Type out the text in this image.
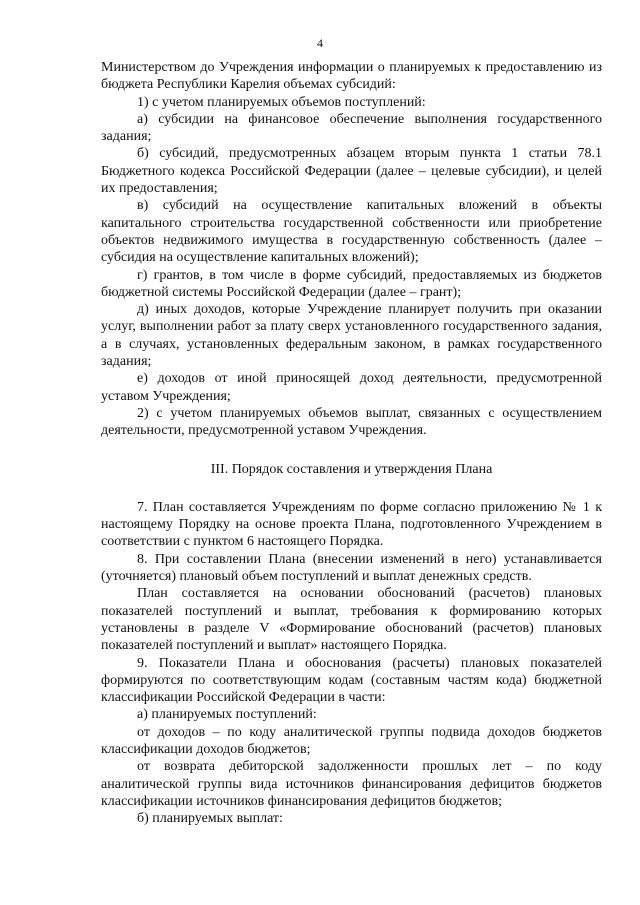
4

Министерством до Учреждения информации о планируемых к предоставлению из бюджета Республики Карелия объемах субсидий:

1) с учетом планируемых объемов поступлений:

а) субсидии на финансовое обеспечение выполнения государственного задания;

б) субсидий, предусмотренных абзацем вторым пункта 1 статьи 78.1 Бюджетного кодекса Российской Федерации (далее – целевые субсидии), и целей их предоставления;

в) субсидий на осуществление капитальных вложений в объекты капитального строительства государственной собственности или приобретение объектов недвижимого имущества в государственную собственность (далее – субсидия на осуществление капитальных вложений);

г) грантов, в том числе в форме субсидий, предоставляемых из бюджетов бюджетной системы Российской Федерации (далее – грант);

д) иных доходов, которые Учреждение планирует получить при оказании услуг, выполнении работ за плату сверх установленного государственного задания, а в случаях, установленных федеральным законом, в рамках государственного задания;

е) доходов от иной приносящей доход деятельности, предусмотренной уставом Учреждения;

2) с учетом планируемых объемов выплат, связанных с осуществлением деятельности, предусмотренной уставом Учреждения.

III. Порядок составления и утверждения Плана

7. План составляется Учреждениям по форме согласно приложению № 1 к настоящему Порядку на основе проекта Плана, подготовленного Учреждением в соответствии с пунктом 6 настоящего Порядка.

8. При составлении Плана (внесении изменений в него) устанавливается (уточняется) плановый объем поступлений и выплат денежных средств.

План составляется на основании обоснований (расчетов) плановых показателей поступлений и выплат, требования к формированию которых установлены в разделе V «Формирование обоснований (расчетов) плановых показателей поступлений и выплат» настоящего Порядка.

9. Показатели Плана и обоснования (расчеты) плановых показателей формируются по соответствующим кодам (составным частям кода) бюджетной классификации Российской Федерации в части:

а) планируемых поступлений:

от доходов – по коду аналитической группы подвида доходов бюджетов классификации доходов бюджетов;

от возврата дебиторской задолженности прошлых лет – по коду аналитической группы вида источников финансирования дефицитов бюджетов классификации источников финансирования дефицитов бюджетов;

б) планируемых выплат:
